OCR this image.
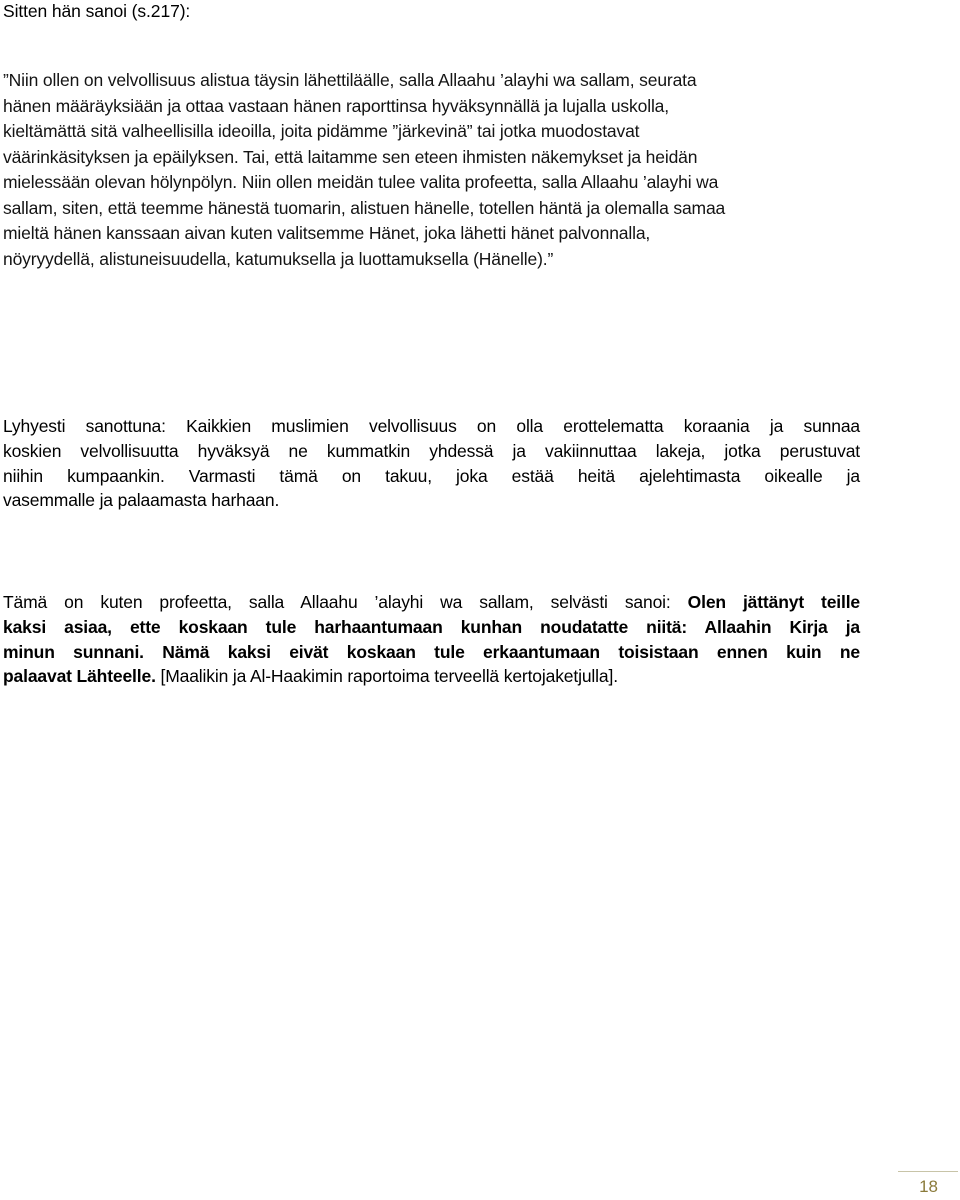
Sitten hän sanoi (s.217):
”Niin ollen on velvollisuus alistua täysin lähettiläälle, salla Allaahu ’alayhi wa sallam, seurata
hänen määräyksiään ja ottaa vastaan hänen raporttinsa hyväksynnällä ja lujalla uskolla,
kieltämättä sitä valheellisilla ideoilla, joita pidämme ”järkevinä” tai jotka muodostavat
väärinkäsityksen ja epäilyksen. Tai, että laitamme sen eteen ihmisten näkemykset ja heidän
mielessään olevan hölynpölyn. Niin ollen meidän tulee valita profeetta, salla Allaahu ’alayhi wa
sallam, siten, että teemme hänestä tuomarin, alistuen hänelle, totellen häntä ja olemalla samaa
mieltä hänen kanssaan aivan kuten valitsemme Hänet, joka lähetti hänet palvonnalla,
nöyryydellä, alistuneisuudella, katumuksella ja luottamuksella (Hänelle).”
Lyhyesti sanottuna: Kaikkien muslimien velvollisuus on olla erottelematta koraania ja sunnaa
koskien velvollisuutta hyväksyä ne kummatkin yhdessä ja vakiinnuttaa lakeja, jotka perustuvat
niihin kumpaankin. Varmasti tämä on takuu, joka estää heitä ajelehtimasta oikealle ja
vasemmalle ja palaamasta harhaan.
Tämä on kuten profeetta, salla Allaahu ’alayhi wa sallam, selvästi sanoi: Olen jättänyt teille
kaksi asiaa, ette koskaan tule harhaantumaan kunhan noudatatte niitä: Allaahin Kirja ja
minun sunnani. Nämä kaksi eivät koskaan tule erkaantumaan toisistaan ennen kuin ne
palaavat Lähteelle. [Maalikin ja Al-Haakimin raportoima terveellä kertojaketjulla].
18
